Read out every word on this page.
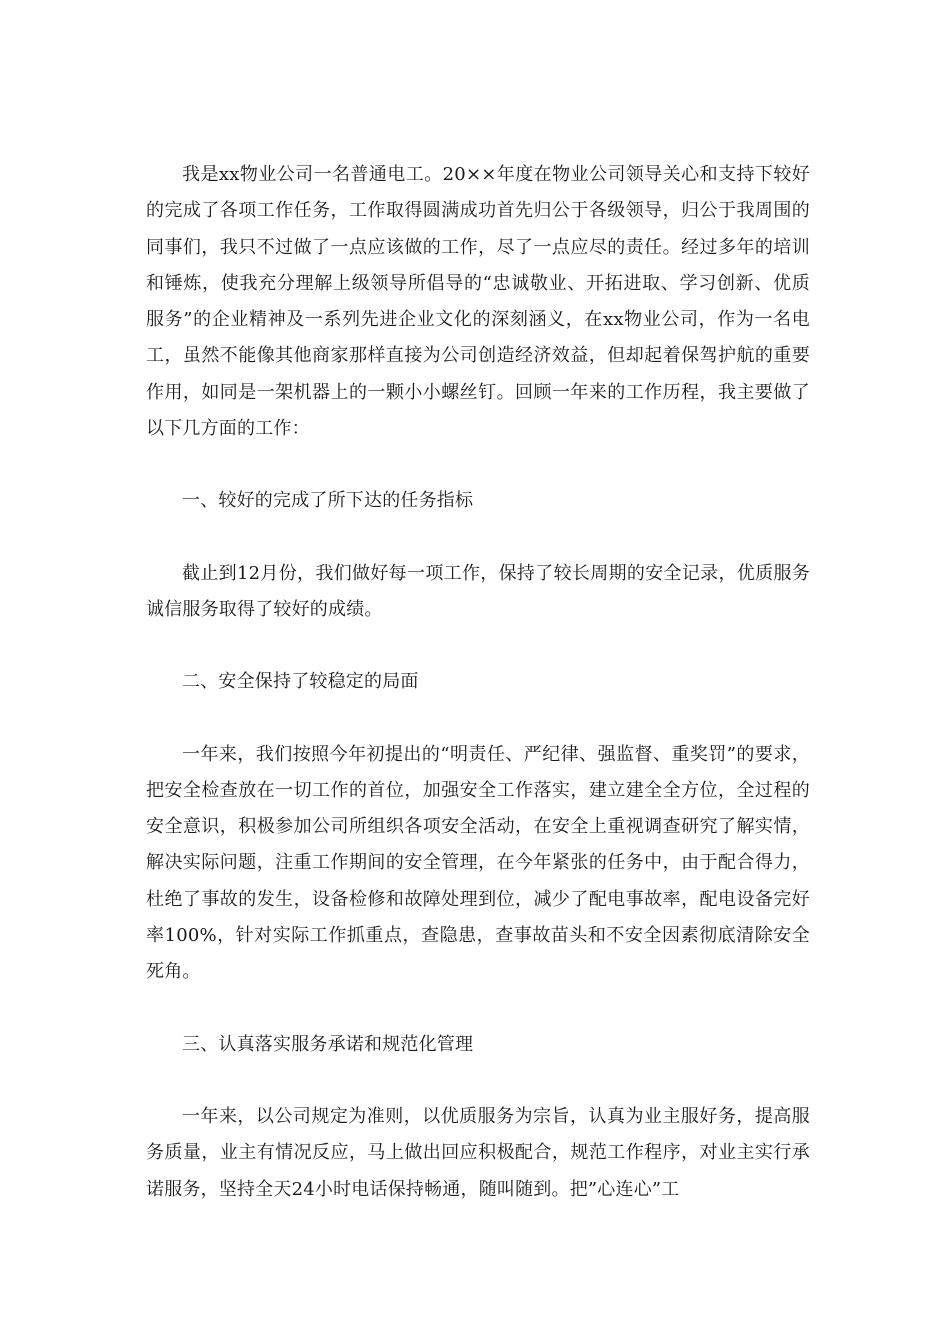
我是xx物业公司一名普通电工。20××年度在物业公司领导关心和支持下较好的完成了各项工作任务，工作取得圆满成功首先归公于各级领导，归公于我周围的同事们，我只不过做了一点应该做的工作，尽了一点应尽的责任。经过多年的培训和锤炼，使我充分理解上级领导所倡导的“忠诚敬业、开拓进取、学习创新、优质服务”的企业精神及一系列先进企业文化的深刻涵义，在xx物业公司，作为一名电工，虽然不能像其他商家那样直接为公司创造经济效益，但却起着保驾护航的重要作用，如同是一架机器上的一颗小小螺丝钉。回顾一年来的工作历程，我主要做了以下几方面的工作：

一、较好的完成了所下达的任务指标

截止到12月份，我们做好每一项工作，保持了较长周期的安全记录，优质服务诚信服务取得了较好的成绩。

二、安全保持了较稳定的局面

一年来，我们按照今年初提出的“明责任、严纪律、强监督、重奖罚”的要求，把安全检查放在一切工作的首位，加强安全工作落实，建立建全全方位，全过程的安全意识，积极参加公司所组织各项安全活动，在安全上重视调查研究了解实情，解决实际问题，注重工作期间的安全管理，在今年紧张的任务中，由于配合得力，杜绝了事故的发生，设备检修和故障处理到位，减少了配电事故率，配电设备完好率100%，针对实际工作抓重点，查隐患，查事故苗头和不安全因素彻底清除安全死角。

三、认真落实服务承诺和规范化管理

一年来，以公司规定为准则，以优质服务为宗旨，认真为业主服好务，提高服务质量，业主有情况反应，马上做出回应积极配合，规范工作程序，对业主实行承诺服务，坚持全天24小时电话保持畅通，随叫随到。把”心连心”工
